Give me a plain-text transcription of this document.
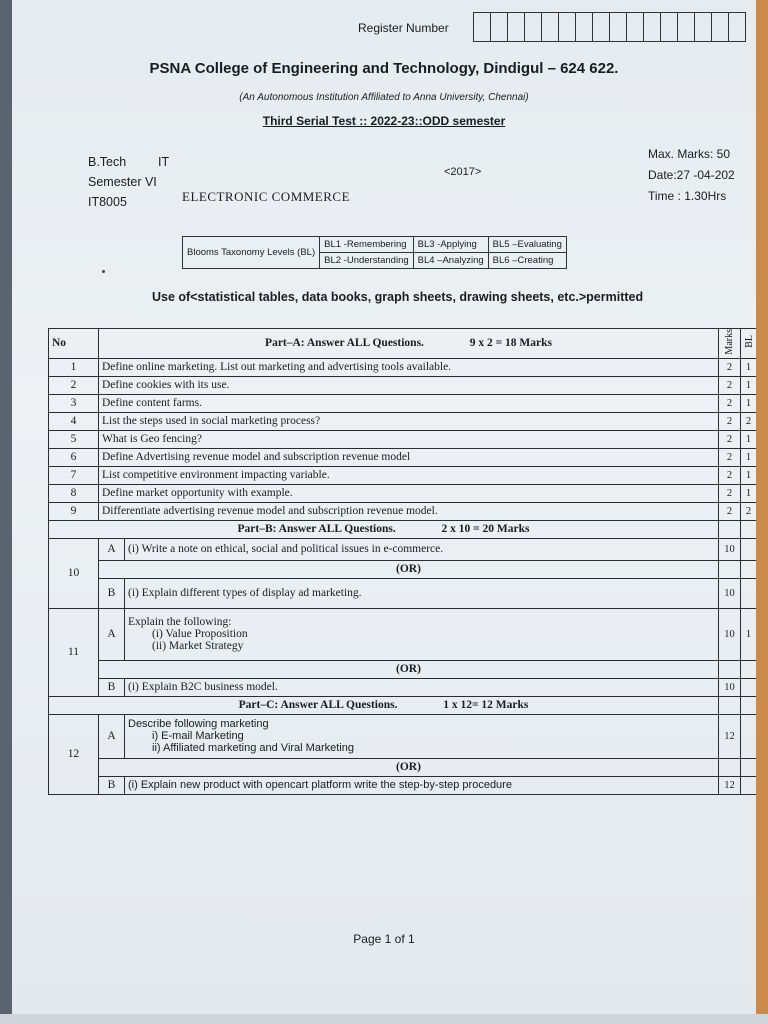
Register Number
PSNA College of Engineering and Technology, Dindigul – 624 622.
(An Autonomous Institution Affiliated to Anna University, Chennai)
Third Serial Test :: 2022-23::ODD semester
B.Tech	IT
Semester VI
IT8005	ELECTRONIC COMMERCE
<2017>
Max. Marks: 50
Date:27 -04-202
Time : 1.30Hrs
Blooms Taxonomy Levels (BL)	BL1 -Remembering	BL3 -Applying	BL5 –Evaluating
	BL2 -Understanding	BL4 –Analyzing	BL6 –Creating
Use of<statistical tables, data books, graph sheets, drawing sheets, etc.>permitted
No	Part–A: Answer ALL Questions. 9 x 2 = 18 Marks		Marks	BL
1	Define online marketing. List out marketing and advertising tools available.		2	1
2	Define cookies with its use.		2	1
3	Define content farms.		2	1
4	List the steps used in social marketing process?		2	2
5	What is Geo fencing?		2	1
6	Define Advertising revenue model and subscription revenue model		2	1
7	List competitive environment impacting variable.		2	1
8	Define market opportunity with example.		2	1
9	Differentiate advertising revenue model and subscription revenue model.		2	2
Part–B: Answer ALL Questions. 2 x 10 = 20 Marks				
10	A	(i) Write a note on ethical, social and political issues in e-commerce.	10	
	(OR)			
	B	(i) Explain different types of display ad marketing.	10	
11	A	Explain the following:
(i) Value Proposition
(ii) Market Strategy	10	1
	(OR)			
	B	(i) Explain B2C business model.	10	
Part–C: Answer ALL Questions. 1 x 12= 12 Marks				
12	A	Describe following marketing
i) E-mail Marketing
ii) Affiliated marketing and Viral Marketing	12	
	(OR)			
	B	(i) Explain new product with opencart platform write the step-by-step procedure	12	
Page 1 of 1
